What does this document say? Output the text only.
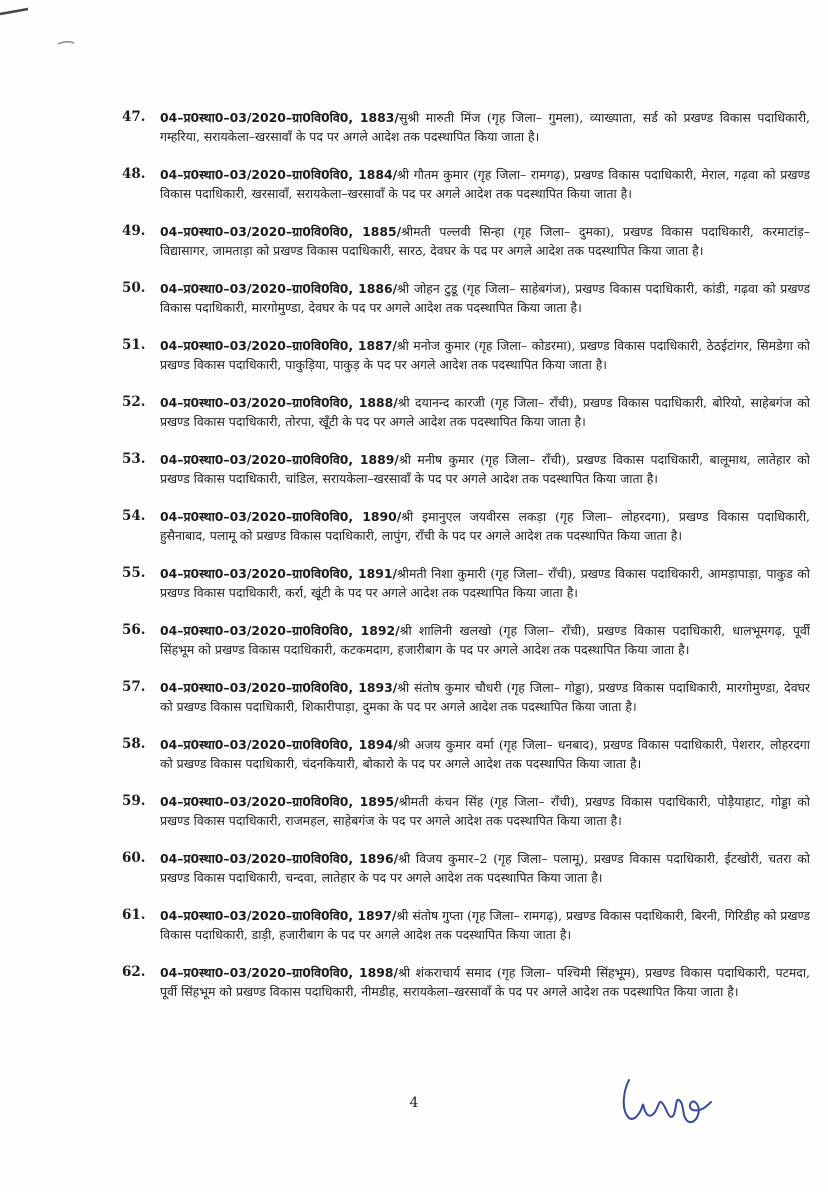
47. 04–प्र0स्था0–03/2020–ग्रा0वि0वि0, 1883/सुश्री मारुती मिंज (गृह जिला– गुमला), व्याख्याता, सर्ड को प्रखण्ड विकास पदाधिकारी, गम्हरिया, सरायकेला–खरसावाँ के पद पर अगले आदेश तक पदस्थापित किया जाता है।
48. 04–प्र0स्था0–03/2020–ग्रा0वि0वि0, 1884/श्री गौतम कुमार (गृह जिला– रामगढ़), प्रखण्ड विकास पदाधिकारी, मेराल, गढ़वा को प्रखण्ड विकास पदाधिकारी, खरसावाँ, सरायकेला–खरसावाँ के पद पर अगले आदेश तक पदस्थापित किया जाता है।
49. 04–प्र0स्था0–03/2020–ग्रा0वि0वि0, 1885/श्रीमती पल्लवी सिन्हा (गृह जिला– दुमका), प्रखण्ड विकास पदाधिकारी, करमाटांड़–विद्यासागर, जामताड़ा को प्रखण्ड विकास पदाधिकारी, सारठ, देवघर के पद पर अगले आदेश तक पदस्थापित किया जाता है।
50. 04–प्र0स्था0–03/2020–ग्रा0वि0वि0, 1886/श्री जोहन टुडू (गृह जिला– साहेबगंज), प्रखण्ड विकास पदाधिकारी, कांडी, गढ़वा को प्रखण्ड विकास पदाधिकारी, मारगोमुण्डा, देवघर के पद पर अगले आदेश तक पदस्थापित किया जाता है।
51. 04–प्र0स्था0–03/2020–ग्रा0वि0वि0, 1887/श्री मनोज कुमार (गृह जिला– कोडरमा), प्रखण्ड विकास पदाधिकारी, ठेठईटांगर, सिमडेगा को प्रखण्ड विकास पदाधिकारी, पाकुड़िया, पाकुड़ के पद पर अगले आदेश तक पदस्थापित किया जाता है।
52. 04–प्र0स्था0–03/2020–ग्रा0वि0वि0, 1888/श्री दयानन्द कारजी (गृह जिला– राँची), प्रखण्ड विकास पदाधिकारी, बोरियो, साहेबगंज को प्रखण्ड विकास पदाधिकारी, तोरपा, खूँटी के पद पर अगले आदेश तक पदस्थापित किया जाता है।
53. 04–प्र0स्था0–03/2020–ग्रा0वि0वि0, 1889/श्री मनीष कुमार (गृह जिला– राँची), प्रखण्ड विकास पदाधिकारी, बालूमाथ, लातेहार को प्रखण्ड विकास पदाधिकारी, चांडिल, सरायकेला–खरसावाँ के पद पर अगले आदेश तक पदस्थापित किया जाता है।
54. 04–प्र0स्था0–03/2020–ग्रा0वि0वि0, 1890/श्री इमानुएल जयवीरस लकड़ा (गृह जिला– लोहरदगा), प्रखण्ड विकास पदाधिकारी, हुसैनाबाद, पलामू को प्रखण्ड विकास पदाधिकारी, लापुंग, राँची के पद पर अगले आदेश तक पदस्थापित किया जाता है।
55. 04–प्र0स्था0–03/2020–ग्रा0वि0वि0, 1891/श्रीमती निशा कुमारी (गृह जिला– राँची), प्रखण्ड विकास पदाधिकारी, आमड़ापाड़ा, पाकुड को प्रखण्ड विकास पदाधिकारी, कर्रा, खूंटी के पद पर अगले आदेश तक पदस्थापित किया जाता है।
56. 04–प्र0स्था0–03/2020–ग्रा0वि0वि0, 1892/श्री शालिनी खलखो (गृह जिला– राँची), प्रखण्ड विकास पदाधिकारी, धालभूमगढ़, पूर्वी सिंहभूम को प्रखण्ड विकास पदाधिकारी, कटकमदाग, हजारीबाग के पद पर अगले आदेश तक पदस्थापित किया जाता है।
57. 04–प्र0स्था0–03/2020–ग्रा0वि0वि0, 1893/श्री संतोष कुमार चौधरी (गृह जिला– गोड्डा), प्रखण्ड विकास पदाधिकारी, मारगोमुण्डा, देवघर को प्रखण्ड विकास पदाधिकारी, शिकारीपाड़ा, दुमका के पद पर अगले आदेश तक पदस्थापित किया जाता है।
58. 04–प्र0स्था0–03/2020–ग्रा0वि0वि0, 1894/श्री अजय कुमार वर्मा (गृह जिला– धनबाद), प्रखण्ड विकास पदाधिकारी, पेशरार, लोहरदगा को प्रखण्ड विकास पदाधिकारी, चंदनकियारी, बोकारो के पद पर अगले आदेश तक पदस्थापित किया जाता है।
59. 04–प्र0स्था0–03/2020–ग्रा0वि0वि0, 1895/श्रीमती कंचन सिंह (गृह जिला– राँची), प्रखण्ड विकास पदाधिकारी, पोड़ैयाहाट, गोड्डा को प्रखण्ड विकास पदाधिकारी, राजमहल, साहेबगंज के पद पर अगले आदेश तक पदस्थापित किया जाता है।
60. 04–प्र0स्था0–03/2020–ग्रा0वि0वि0, 1896/श्री विजय कुमार–2 (गृह जिला– पलामू), प्रखण्ड विकास पदाधिकारी, ईटखोरी, चतरा को प्रखण्ड विकास पदाधिकारी, चन्दवा, लातेहार के पद पर अगले आदेश तक पदस्थापित किया जाता है।
61. 04–प्र0स्था0–03/2020–ग्रा0वि0वि0, 1897/श्री संतोष गुप्ता (गृह जिला– रामगढ़), प्रखण्ड विकास पदाधिकारी, बिरनी, गिरिडीह को प्रखण्ड विकास पदाधिकारी, डाड़ी, हजारीबाग के पद पर अगले आदेश तक पदस्थापित किया जाता है।
62. 04–प्र0स्था0–03/2020–ग्रा0वि0वि0, 1898/श्री शंकराचार्य समाद (गृह जिला– पश्चिमी सिंहभूम), प्रखण्ड विकास पदाधिकारी, पटमदा, पूर्वी सिंहभूम को प्रखण्ड विकास पदाधिकारी, नीमडीह, सरायकेला–खरसावाँ के पद पर अगले आदेश तक पदस्थापित किया जाता है।
4
